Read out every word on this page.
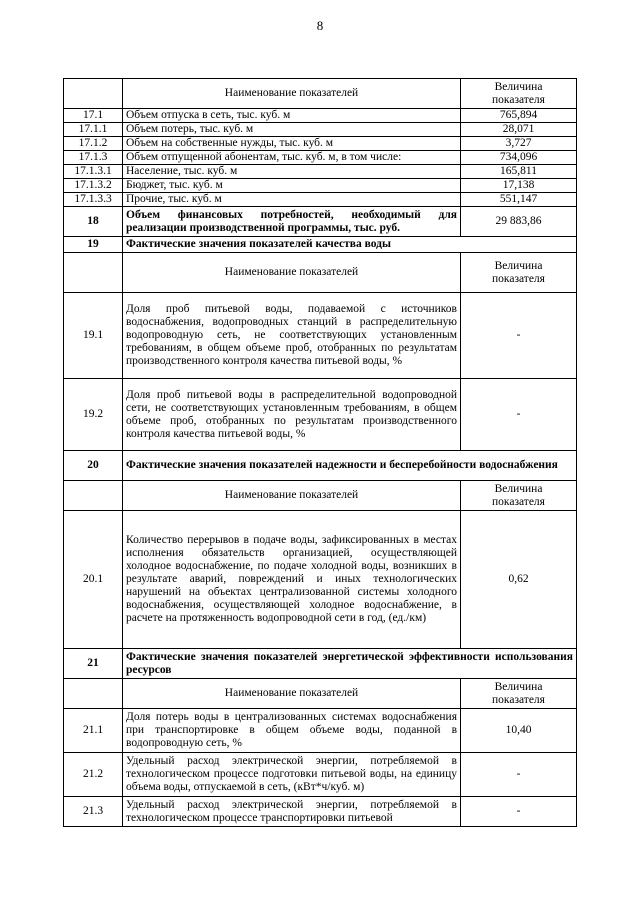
8
	Наименование показателей	Величина
показателя
17.1	Объем отпуска в сеть, тыс. куб. м	765,894
17.1.1	Объем потерь, тыс. куб. м	28,071
17.1.2	Объем на собственные нужды, тыс. куб. м	3,727
17.1.3	Объем отпущенной абонентам, тыс. куб. м, в том числе:	734,096
17.1.3.1	Население, тыс. куб. м	165,811
17.1.3.2	Бюджет, тыс. куб. м	17,138
17.1.3.3	Прочие, тыс. куб. м	551,147
18	Объем финансовых потребностей, необходимый для реализации производственной программы, тыс. руб.	29 883,86
19	Фактические значения показателей качества воды	
	Наименование показателей	Величина
показателя
19.1	Доля проб питьевой воды, подаваемой с источников водоснабжения, водопроводных станций в распределительную водопроводную сеть, не соответствующих установленным требованиям, в общем объеме проб, отобранных по результатам производственного контроля качества питьевой воды, %	-
19.2	Доля проб питьевой воды в распределительной водопроводной сети, не соответствующих установленным требованиям, в общем объеме проб, отобранных по результатам производственного контроля качества питьевой воды, %	-
20	Фактические значения показателей надежности и бесперебойности водоснабжения	
	Наименование показателей	Величина
показателя
20.1	Количество перерывов в подаче воды, зафиксированных в местах исполнения обязательств организацией, осуществляющей холодное водоснабжение, по подаче холодной воды, возникших в результате аварий, повреждений и иных технологических нарушений на объектах централизованной системы холодного водоснабжения, осуществляющей холодное водоснабжение, в расчете на протяженность водопроводной сети в год, (ед./км)	0,62
21	Фактические значения показателей энергетической эффективности использования ресурсов	
	Наименование показателей	Величина
показателя
21.1	Доля потерь воды в централизованных системах водоснабжения при транспортировке в общем объеме воды, поданной в водопроводную сеть, %	10,40
21.2	Удельный расход электрической энергии, потребляемой в технологическом процессе подготовки питьевой воды, на единицу объема воды, отпускаемой в сеть, (кВт*ч/куб. м)	-
21.3	Удельный расход электрической энергии, потребляемой в технологическом процессе транспортировки питьевой	-
